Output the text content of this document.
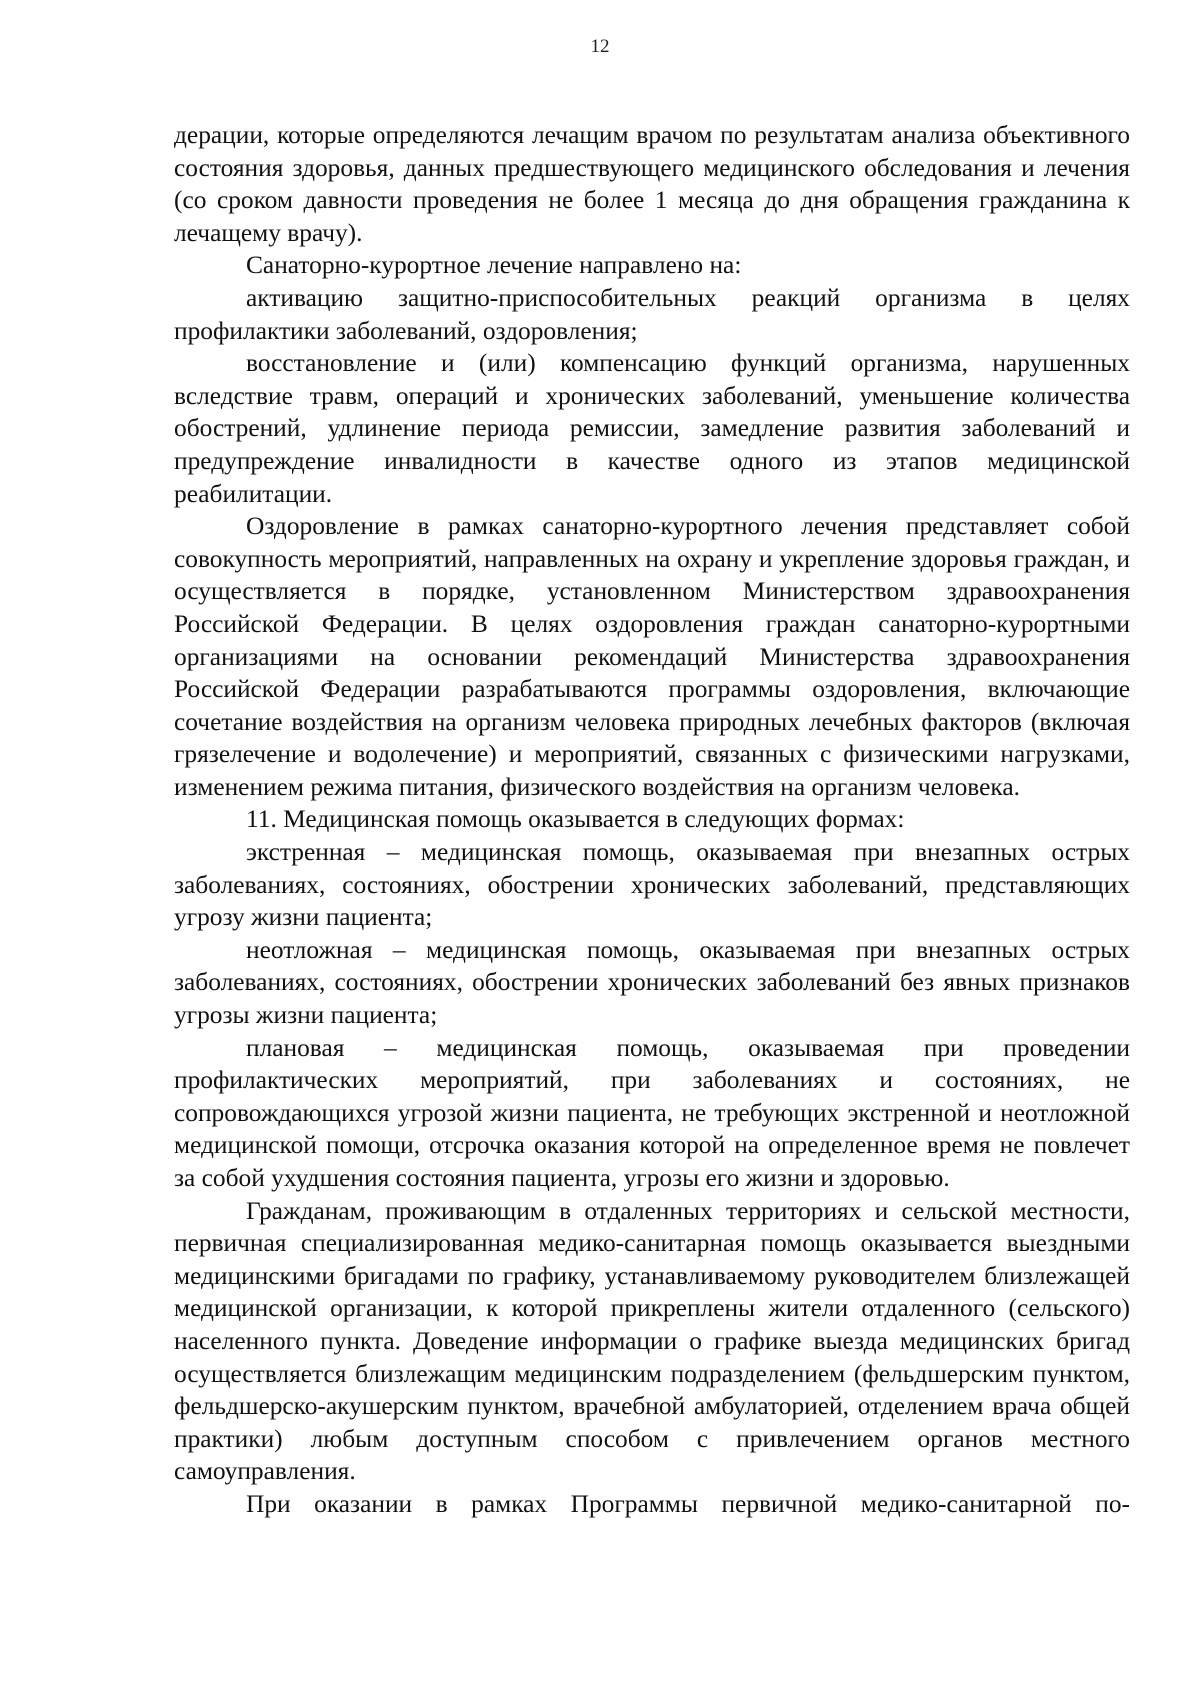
12

дерации, которые определяются лечащим врачом по результатам анализа объективного состояния здоровья, данных предшествующего медицинского обследования и лечения (со сроком давности проведения не более 1 месяца до дня обращения гражданина к лечащему врачу).

Санаторно-курортное лечение направлено на:

активацию защитно-приспособительных реакций организма в целях профилактики заболеваний, оздоровления;

восстановление и (или) компенсацию функций организма, нарушенных вследствие травм, операций и хронических заболеваний, уменьшение количества обострений, удлинение периода ремиссии, замедление развития заболеваний и предупреждение инвалидности в качестве одного из этапов медицинской реабилитации.

Оздоровление в рамках санаторно-курортного лечения представляет собой совокупность мероприятий, направленных на охрану и укрепление здоровья граждан, и осуществляется в порядке, установленном Министерством здравоохранения Российской Федерации. В целях оздоровления граждан санаторно-курортными организациями на основании рекомендаций Министерства здравоохранения Российской Федерации разрабатываются программы оздоровления, включающие сочетание воздействия на организм человека природных лечебных факторов (включая грязелечение и водолечение) и мероприятий, связанных с физическими нагрузками, изменением режима питания, физического воздействия на организм человека.

11. Медицинская помощь оказывается в следующих формах:

экстренная – медицинская помощь, оказываемая при внезапных острых заболеваниях, состояниях, обострении хронических заболеваний, представляющих угрозу жизни пациента;

неотложная – медицинская помощь, оказываемая при внезапных острых заболеваниях, состояниях, обострении хронических заболеваний без явных признаков угрозы жизни пациента;

плановая – медицинская помощь, оказываемая при проведении профилактических мероприятий, при заболеваниях и состояниях, не сопровождающихся угрозой жизни пациента, не требующих экстренной и неотложной медицинской помощи, отсрочка оказания которой на определенное время не повлечет за собой ухудшения состояния пациента, угрозы его жизни и здоровью.

Гражданам, проживающим в отдаленных территориях и сельской местности, первичная специализированная медико-санитарная помощь оказывается выездными медицинскими бригадами по графику, устанавливаемому руководителем близлежащей медицинской организации, к которой прикреплены жители отдаленного (сельского) населенного пункта. Доведение информации о графике выезда медицинских бригад осуществляется близлежащим медицинским подразделением (фельдшерским пунктом, фельдшерско-акушерским пунктом, врачебной амбулаторией, отделением врача общей практики) любым доступным способом с привлечением органов местного самоуправления.

При оказании в рамках Программы первичной медико-санитарной по-
